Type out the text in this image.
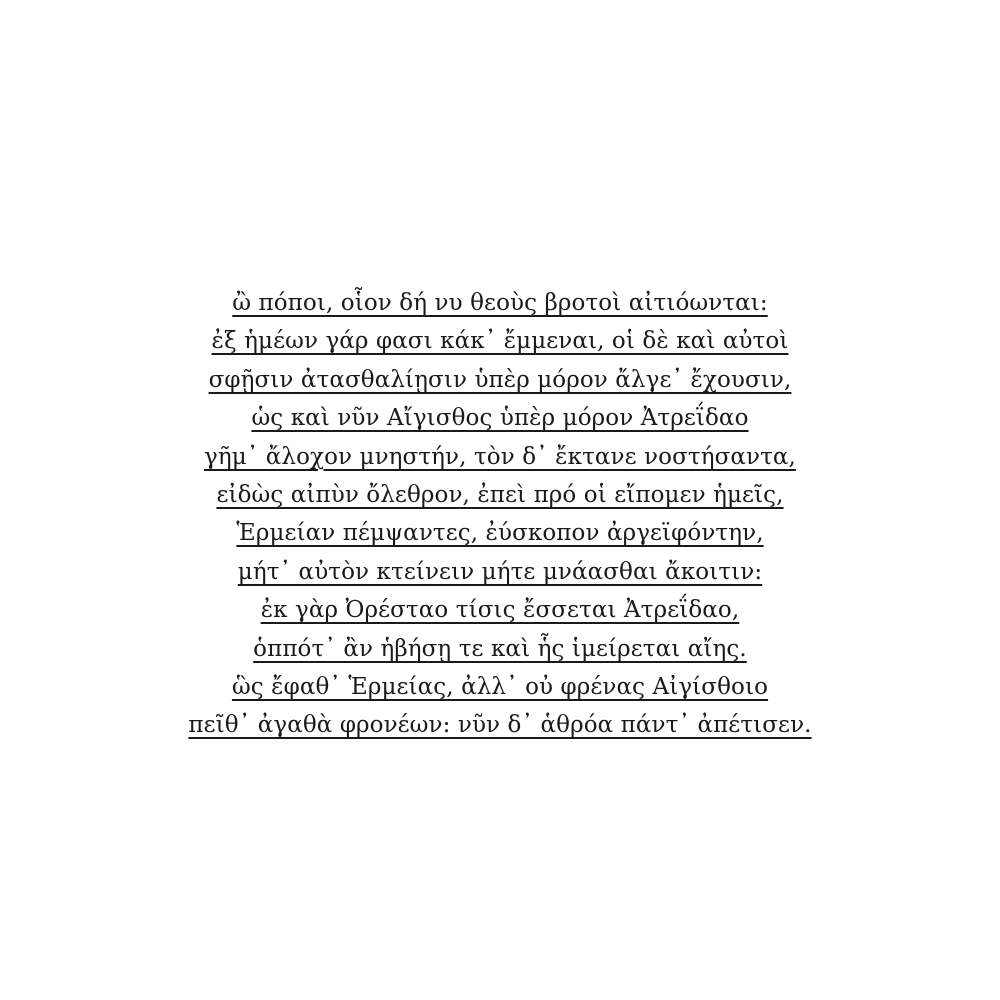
ὢ πόποι, οἷον δή νυ θεοὺς βροτοὶ αἰτιόωνται:
ἐξ ἡμέων γάρ φασι κάκ᾽ ἔμμεναι, οἱ δὲ καὶ αὐτοὶ
σφῇσιν ἀτασθαλίῃσιν ὑπὲρ μόρον ἄλγε᾽ ἔχουσιν,
ὡς καὶ νῦν Αἴγισθος ὑπὲρ μόρον Ἀτρεΐδαο
γῆμ᾽ ἄλοχον μνηστήν, τὸν δ᾽ ἔκτανε νοστήσαντα,
εἰδὼς αἰπὺν ὄλεθρον, ἐπεὶ πρό οἱ εἴπομεν ἡμεῖς,
Ἑρμείαν πέμψαντες, ἐύσκοπον ἀργεϊφόντην,
μήτ᾽ αὐτὸν κτείνειν μήτε μνάασθαι ἄκοιτιν:
ἐκ γὰρ Ὀρέσταο τίσις ἔσσεται Ἀτρεΐδαο,
ὁππότ᾽ ἂν ἡβήσῃ τε καὶ ἧς ἱμείρεται αἴης.
ὣς ἔφαθ᾽ Ἑρμείας, ἀλλ᾽ οὐ φρένας Αἰγίσθοιο
πεῖθ᾽ ἀγαθὰ φρονέων: νῦν δ᾽ ἁθρόα πάντ᾽ ἀπέτισεν.
